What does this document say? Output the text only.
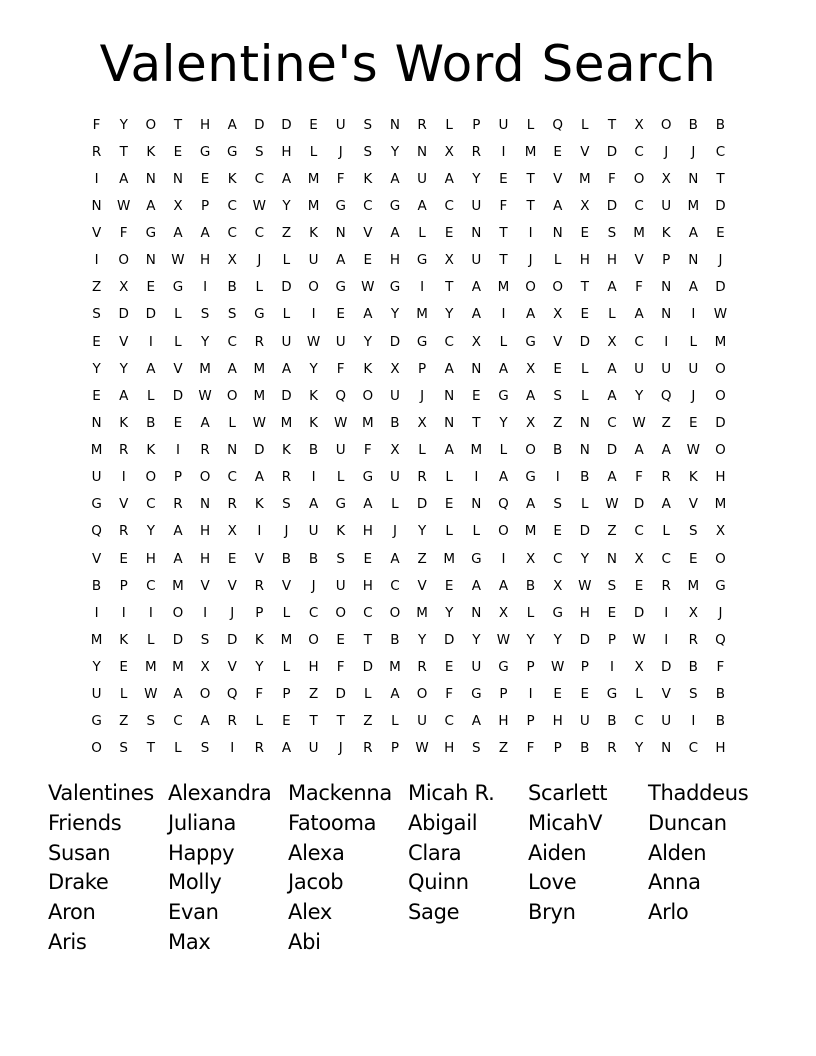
Valentine's Word Search
F	Y	O	T	H	A	D	D	E	U	S	N	R	L	P	U	L	Q	L	T	X	O	B	B
R	T	K	E	G	G	S	H	L	J	S	Y	N	X	R	I	M	E	V	D	C	J	J	C
I	A	N	N	E	K	C	A	M	F	K	A	U	A	Y	E	T	V	M	F	O	X	N	T
N	W	A	X	P	C	W	Y	M	G	C	G	A	C	U	F	T	A	X	D	C	U	M	D
V	F	G	A	A	C	C	Z	K	N	V	A	L	E	N	T	I	N	E	S	M	K	A	E
I	O	N	W	H	X	J	L	U	A	E	H	G	X	U	T	J	L	H	H	V	P	N	J
Z	X	E	G	I	B	L	D	O	G	W	G	I	T	A	M	O	O	T	A	F	N	A	D
S	D	D	L	S	S	G	L	I	E	A	Y	M	Y	A	I	A	X	E	L	A	N	I	W
E	V	I	L	Y	C	R	U	W	U	Y	D	G	C	X	L	G	V	D	X	C	I	L	M
Y	Y	A	V	M	A	M	A	Y	F	K	X	P	A	N	A	X	E	L	A	U	U	U	O
E	A	L	D	W	O	M	D	K	Q	O	U	J	N	E	G	A	S	L	A	Y	Q	J	O
N	K	B	E	A	L	W	M	K	W	M	B	X	N	T	Y	X	Z	N	C	W	Z	E	D
M	R	K	I	R	N	D	K	B	U	F	X	L	A	M	L	O	B	N	D	A	A	W	O
U	I	O	P	O	C	A	R	I	L	G	U	R	L	I	A	G	I	B	A	F	R	K	H
G	V	C	R	N	R	K	S	A	G	A	L	D	E	N	Q	A	S	L	W	D	A	V	M
Q	R	Y	A	H	X	I	J	U	K	H	J	Y	L	L	O	M	E	D	Z	C	L	S	X
V	E	H	A	H	E	V	B	B	S	E	A	Z	M	G	I	X	C	Y	N	X	C	E	O
B	P	C	M	V	V	R	V	J	U	H	C	V	E	A	A	B	X	W	S	E	R	M	G
I	I	I	O	I	J	P	L	C	O	C	O	M	Y	N	X	L	G	H	E	D	I	X	J
M	K	L	D	S	D	K	M	O	E	T	B	Y	D	Y	W	Y	Y	D	P	W	I	R	Q
Y	E	M	M	X	V	Y	L	H	F	D	M	R	E	U	G	P	W	P	I	X	D	B	F
U	L	W	A	O	Q	F	P	Z	D	L	A	O	F	G	P	I	E	E	G	L	V	S	B
G	Z	S	C	A	R	L	E	T	T	Z	L	U	C	A	H	P	H	U	B	C	U	I	B
O	S	T	L	S	I	R	A	U	J	R	P	W	H	S	Z	F	P	B	R	Y	N	C	H
Valentines
Friends
Susan
Drake
Aron
Aris
Alexandra
Juliana
Happy
Molly
Evan
Max
Mackenna
Fatooma
Alexa
Jacob
Alex
Abi
Micah R.
Abigail
Clara
Quinn
Sage
Scarlett
MicahV
Aiden
Love
Bryn
Thaddeus
Duncan
Alden
Anna
Arlo
